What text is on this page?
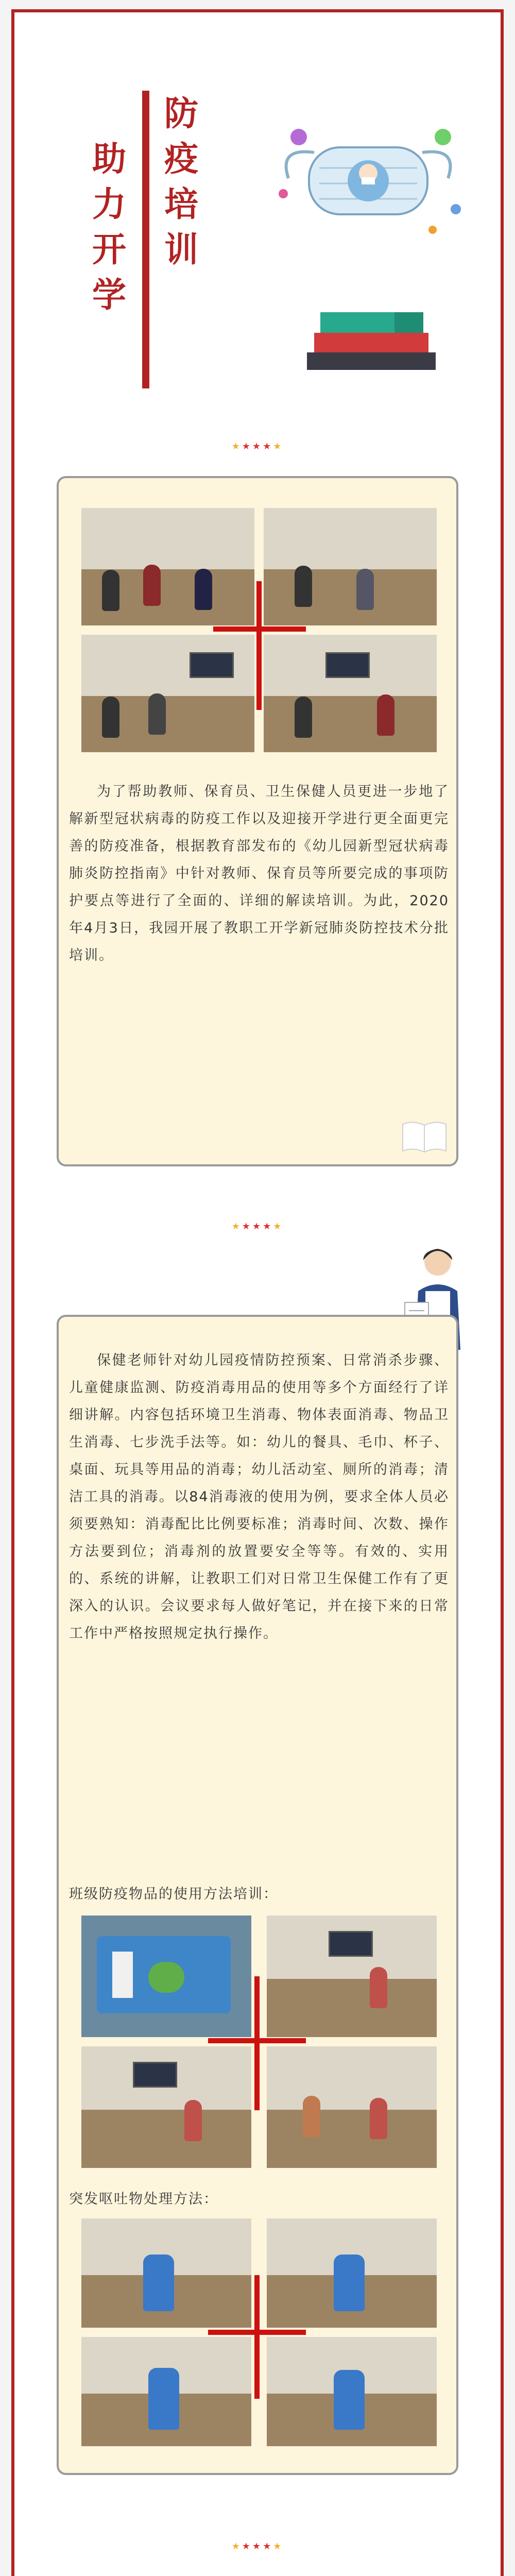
防疫培训
助力开学
★★★★★

为了帮助教师、保育员、卫生保健人员更进一步地了解新型冠状病毒的防疫工作以及迎接开学进行更全面更完善的防疫准备，根据教育部发布的《幼儿园新型冠状病毒肺炎防控指南》中针对教师、保育员等所要完成的事项防护要点等进行了全面的、详细的解读培训。为此，2020年4月3日，我园开展了教职工开学新冠肺炎防控技术分批培训。

★★★★★

保健老师针对幼儿园疫情防控预案、日常消杀步骤、儿童健康监测、防疫消毒用品的使用等多个方面经行了详细讲解。内容包括环境卫生消毒、物体表面消毒、物品卫生消毒、七步洗手法等。如：幼儿的餐具、毛巾、杯子、桌面、玩具等用品的消毒；幼儿活动室、厕所的消毒；清洁工具的消毒。以84消毒液的使用为例，要求全体人员必须要熟知：消毒配比比例要标准；消毒时间、次数、操作方法要到位；消毒剂的放置要安全等等。有效的、实用的、系统的讲解，让教职工们对日常卫生保健工作有了更深入的认识。会议要求每人做好笔记，并在接下来的日常工作中严格按照规定执行操作。

班级防疫物品的使用方法培训：
突发呕吐物处理方法：
★★★★★
